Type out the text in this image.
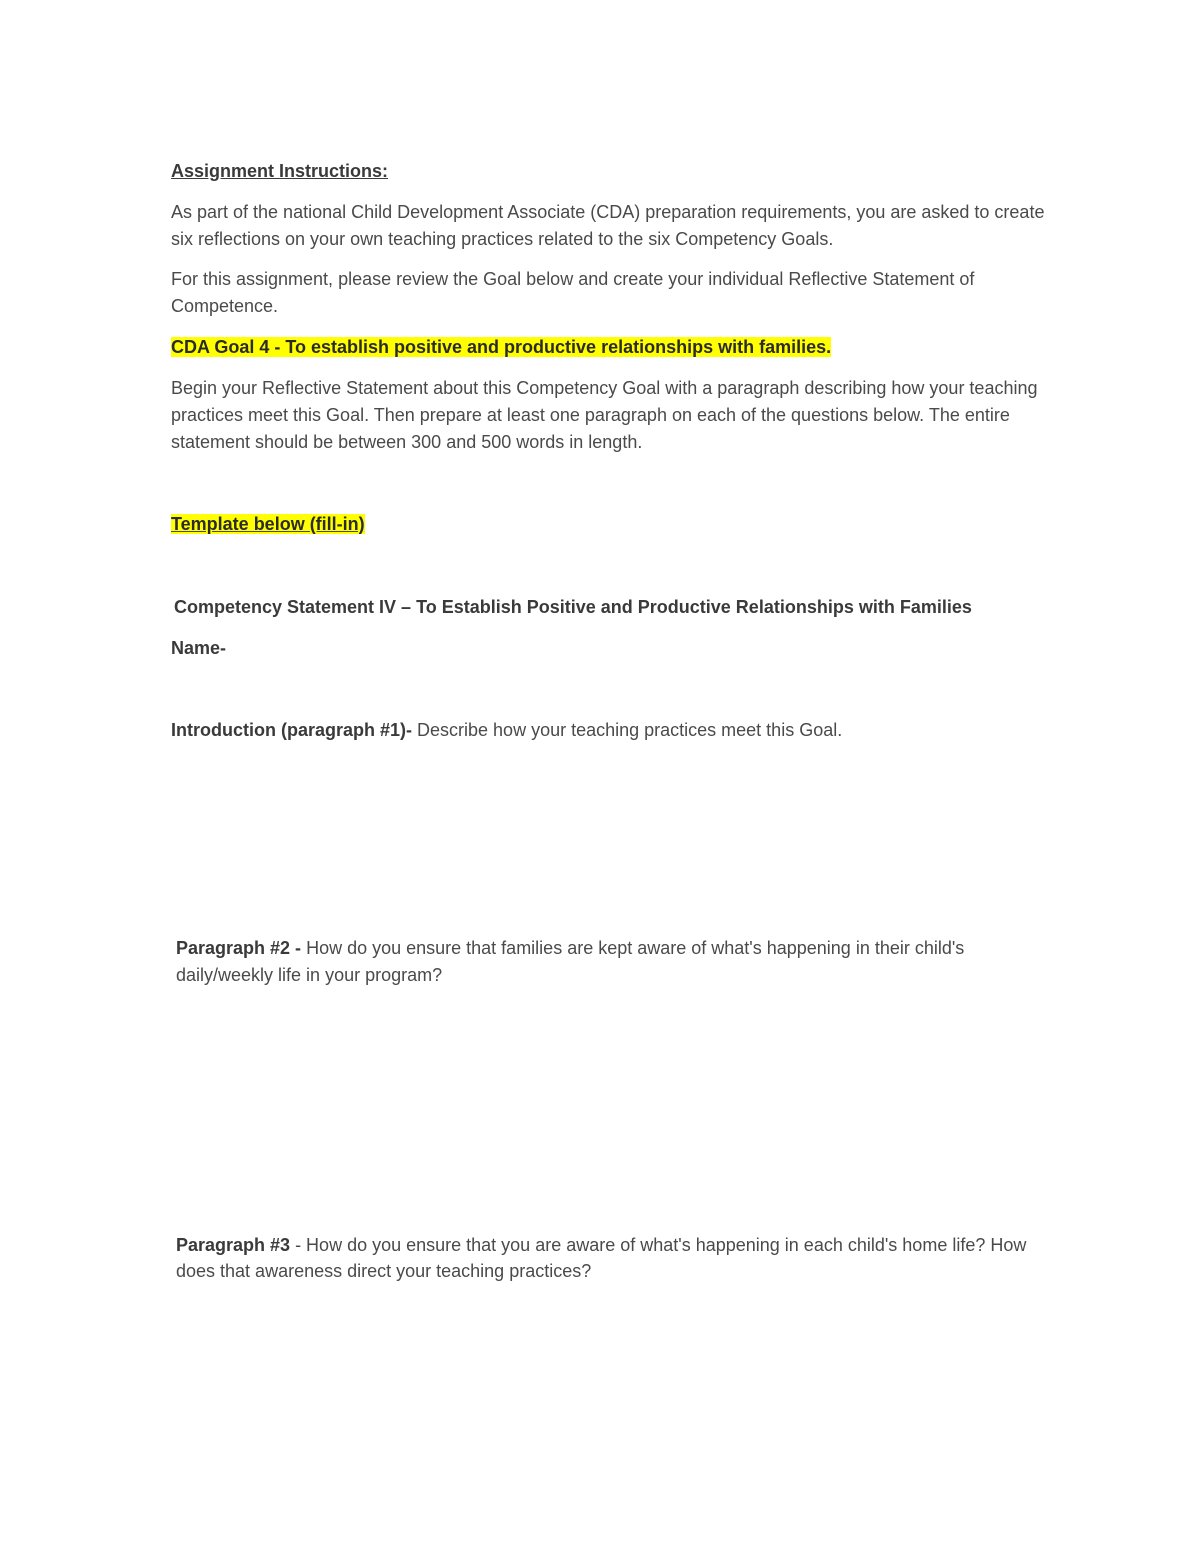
Assignment Instructions:

As part of the national Child Development Associate (CDA) preparation requirements, you are asked to create six reflections on your own teaching practices related to the six Competency Goals.

For this assignment, please review the Goal below and create your individual Reflective Statement of Competence.

CDA Goal 4 - To establish positive and productive relationships with families.

Begin your Reflective Statement about this Competency Goal with a paragraph describing how your teaching practices meet this Goal. Then prepare at least one paragraph on each of the questions below. The entire statement should be between 300 and 500 words in length.

Template below (fill-in)

Competency Statement IV – To Establish Positive and Productive Relationships with Families

Name-

Introduction (paragraph #1)- Describe how your teaching practices meet this Goal.

Paragraph #2 - How do you ensure that families are kept aware of what's happening in their child's daily/weekly life in your program?

Paragraph #3 - How do you ensure that you are aware of what's happening in each child's home life? How does that awareness direct your teaching practices?
